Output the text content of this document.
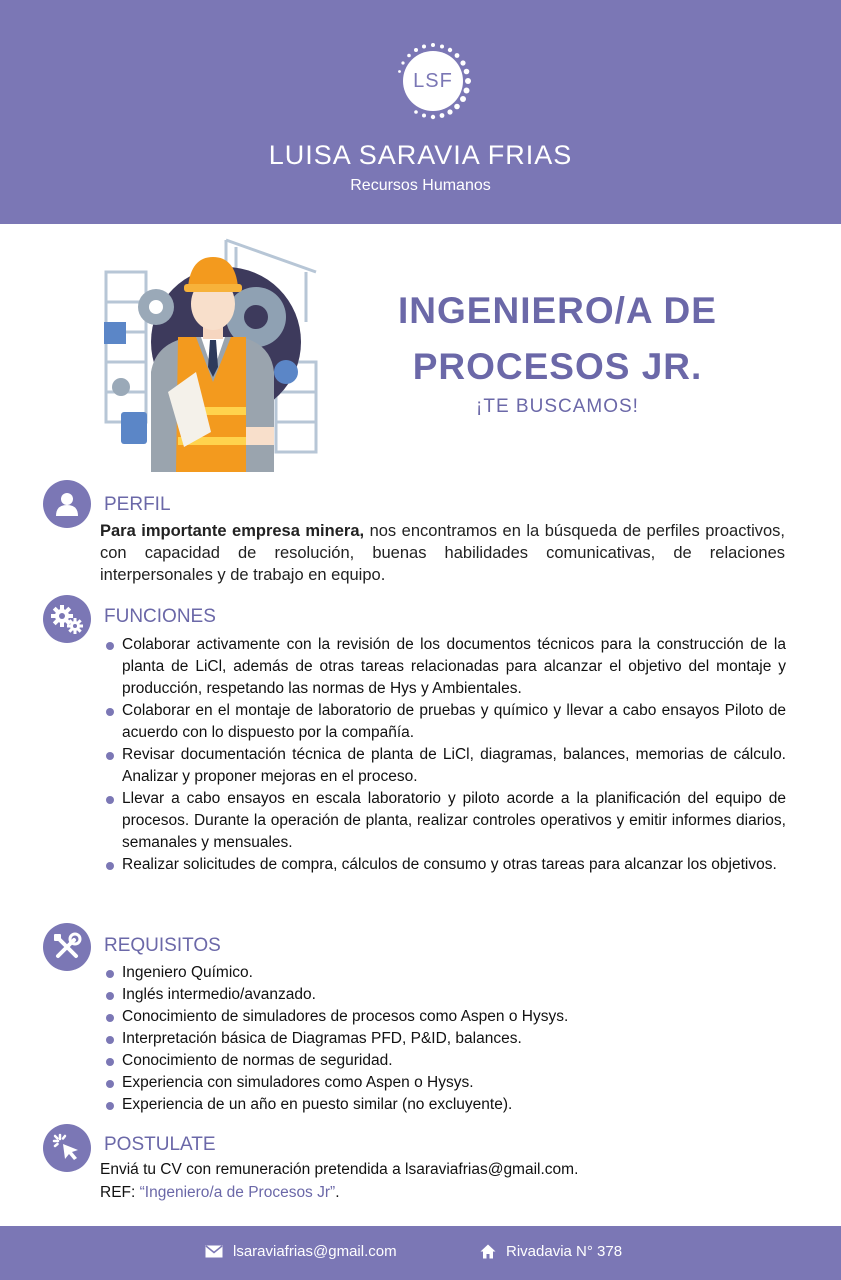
LSF
LUISA SARAVIA FRIAS
Recursos Humanos
INGENIERO/A DE
PROCESOS JR.
¡TE BUSCAMOS!
PERFIL
Para importante empresa minera, nos encontramos en la búsqueda de perfiles proactivos, con capacidad de resolución, buenas habilidades comunicativas, de relaciones interpersonales y de trabajo en equipo.
FUNCIONES
Colaborar activamente con la revisión de los documentos técnicos para la construcción de la planta de LiCl, además de otras tareas relacionadas para alcanzar el objetivo del montaje y producción, respetando las normas de Hys y Ambientales.
Colaborar en el montaje de laboratorio de pruebas y químico y llevar a cabo ensayos Piloto de acuerdo con lo dispuesto por la compañía.
Revisar documentación técnica de planta de LiCl, diagramas, balances, memorias de cálculo. Analizar y proponer mejoras en el proceso.
Llevar a cabo ensayos en escala laboratorio y piloto acorde a la planificación del equipo de procesos. Durante la operación de planta, realizar controles operativos y emitir informes diarios, semanales y mensuales.
Realizar solicitudes de compra, cálculos de consumo y otras tareas para alcanzar los objetivos.
REQUISITOS
Ingeniero Químico.
Inglés intermedio/avanzado.
Conocimiento de simuladores de procesos como Aspen o Hysys.
Interpretación básica de Diagramas PFD, P&ID, balances.
Conocimiento de normas de seguridad.
Experiencia con simuladores como Aspen o Hysys.
Experiencia de un año en puesto similar (no excluyente).
POSTULATE
Enviá tu CV con remuneración pretendida a lsaraviafrias@gmail.com.
REF: “Ingeniero/a de Procesos Jr”.
lsaraviafrias@gmail.com	Rivadavia N° 378
